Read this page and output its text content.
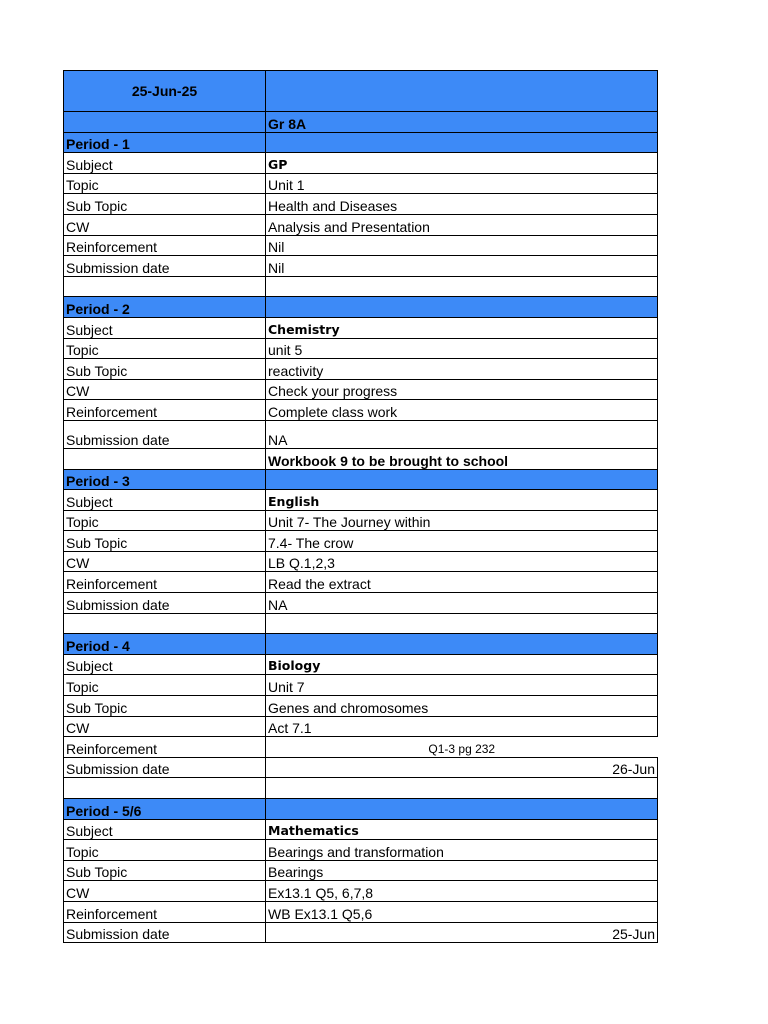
25-Jun-25	
	Gr 8A
Period - 1	
Subject	GP
Topic	Unit 1
Sub Topic	Health and Diseases
CW	Analysis and Presentation
Reinforcement	Nil
Submission date	Nil

Period - 2	
Subject	Chemistry
Topic	unit 5
Sub Topic	reactivity
CW	Check your progress
Reinforcement	Complete class work
Submission date	NA
	Workbook 9 to be brought to school
Period - 3	
Subject	English
Topic	Unit 7- The Journey within
Sub Topic	7.4- The crow
CW	LB Q.1,2,3
Reinforcement	Read the extract
Submission date	NA

Period - 4	
Subject	Biology
Topic	Unit 7
Sub Topic	Genes and chromosomes
CW	Act 7.1
Reinforcement	Q1-3 pg 232
Submission date	26-Jun

Period - 5/6	
Subject	Mathematics
Topic	Bearings and transformation
Sub Topic	Bearings
CW	Ex13.1 Q5, 6,7,8
Reinforcement	WB Ex13.1 Q5,6
Submission date	25-Jun
